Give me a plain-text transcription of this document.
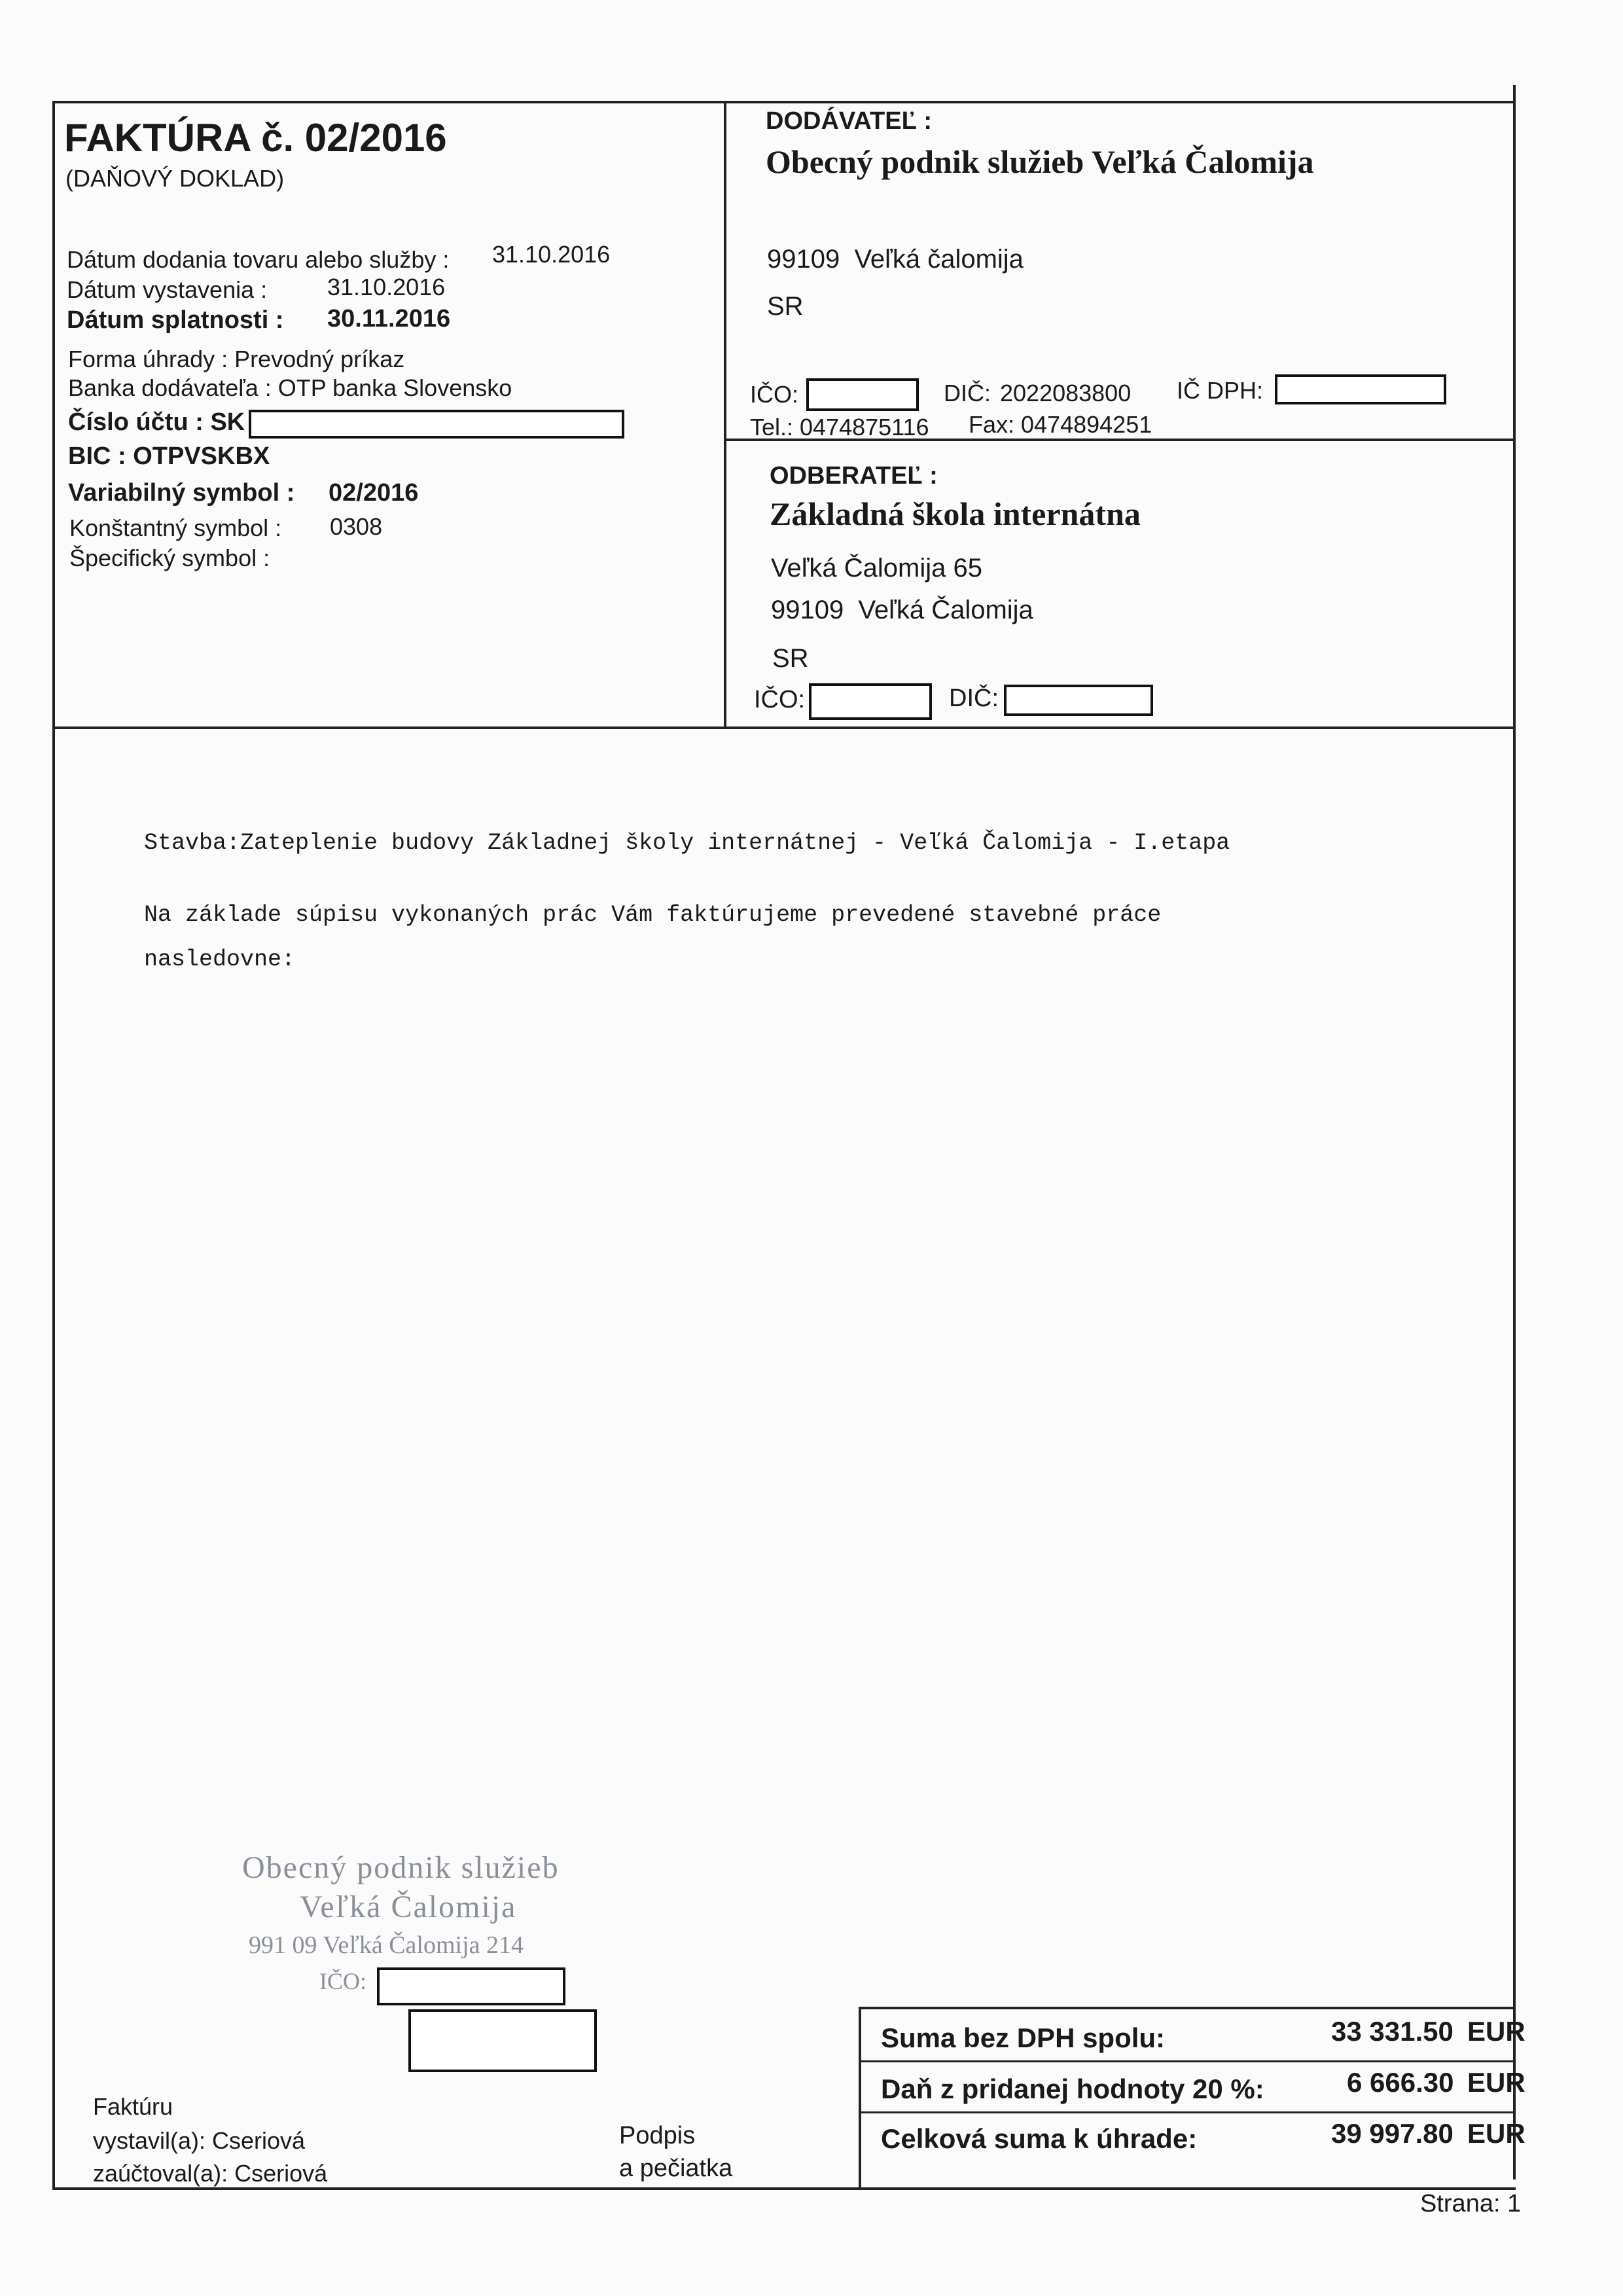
FAKTÚRA č. 02/2016
(DAŇOVÝ DOKLAD)
Dátum dodania tovaru alebo služby : 31.10.2016
Dátum vystavenia :	31.10.2016
Dátum splatnosti : 30.11.2016
Forma úhrady : Prevodný príkaz
Banka dodávateľa : OTP banka Slovensko
Číslo účtu : SK
BIC : OTPVSKBX
Variabilný symbol : 02/2016
Konštantný symbol : 0308
Špecifický symbol :
DODÁVATEĽ :
Obecný podnik služieb Veľká Čalomija
99109  Veľká čalomija
SR
IČO:	DIČ: 2022083800 IČ DPH:
Tel.: 0474875116 Fax: 0474894251
ODBERATEĽ :
Základná škola internátna
Veľká Čalomija 65
99109  Veľká Čalomija
SR
IČO:	DIČ:
Stavba:Zateplenie budovy Základnej školy internátnej - Veľká Čalomija - I.etapa
Na základe súpisu vykonaných prác Vám faktúrujeme prevedené stavebné práce
nasledovne:
Obecný podnik služieb
Veľká Čalomija
991 09 Veľká Čalomija 214
IČO:
Faktúru
vystavil(a): Cseriová
zaúčtoval(a): Cseriová
Podpis
a pečiatka
Suma bez DPH spolu:	33 331.50 EUR
Daň z pridanej hodnoty 20 %:	6 666.30 EUR
Celková suma k úhrade:	39 997.80 EUR
Strana: 1
